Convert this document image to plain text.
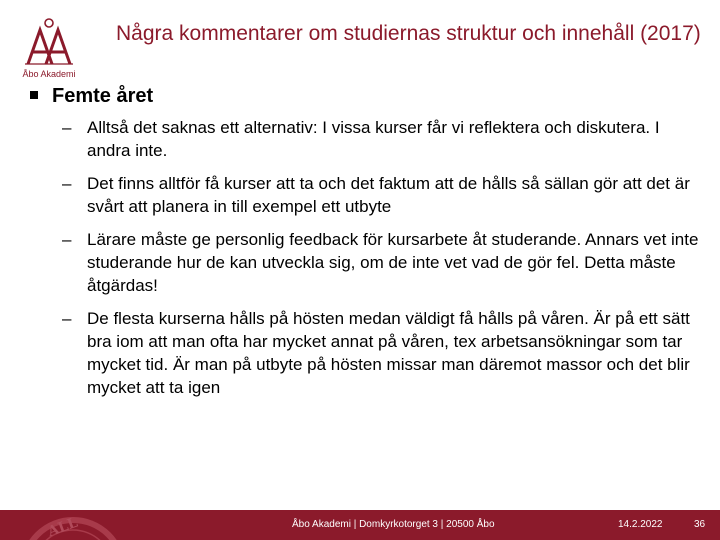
Åbo Akademi
Några kommentarer om studiernas struktur och innehåll (2017)
Femte året
– Alltså det saknas ett alternativ: I vissa kurser får vi reflektera och diskutera. I andra inte.
– Det finns alltför få kurser att ta och det faktum att de hålls så sällan gör att det är svårt att planera in till exempel ett utbyte
– Lärare måste ge personlig feedback för kursarbete åt studerande. Annars vet inte studerande hur de kan utveckla sig, om de inte vet vad de gör fel. Detta måste åtgärdas!
– De flesta kurserna hålls på hösten medan väldigt få hålls på våren. Är på ett sätt bra iom att man ofta har mycket annat på våren, tex arbetsansökningar som tar mycket tid. Är man på utbyte på hösten missar man däremot massor och det blir mycket att ta igen
ALL	Åbo Akademi | Domkyrkotorget 3 | 20500 Åbo	14.2.2022	36
